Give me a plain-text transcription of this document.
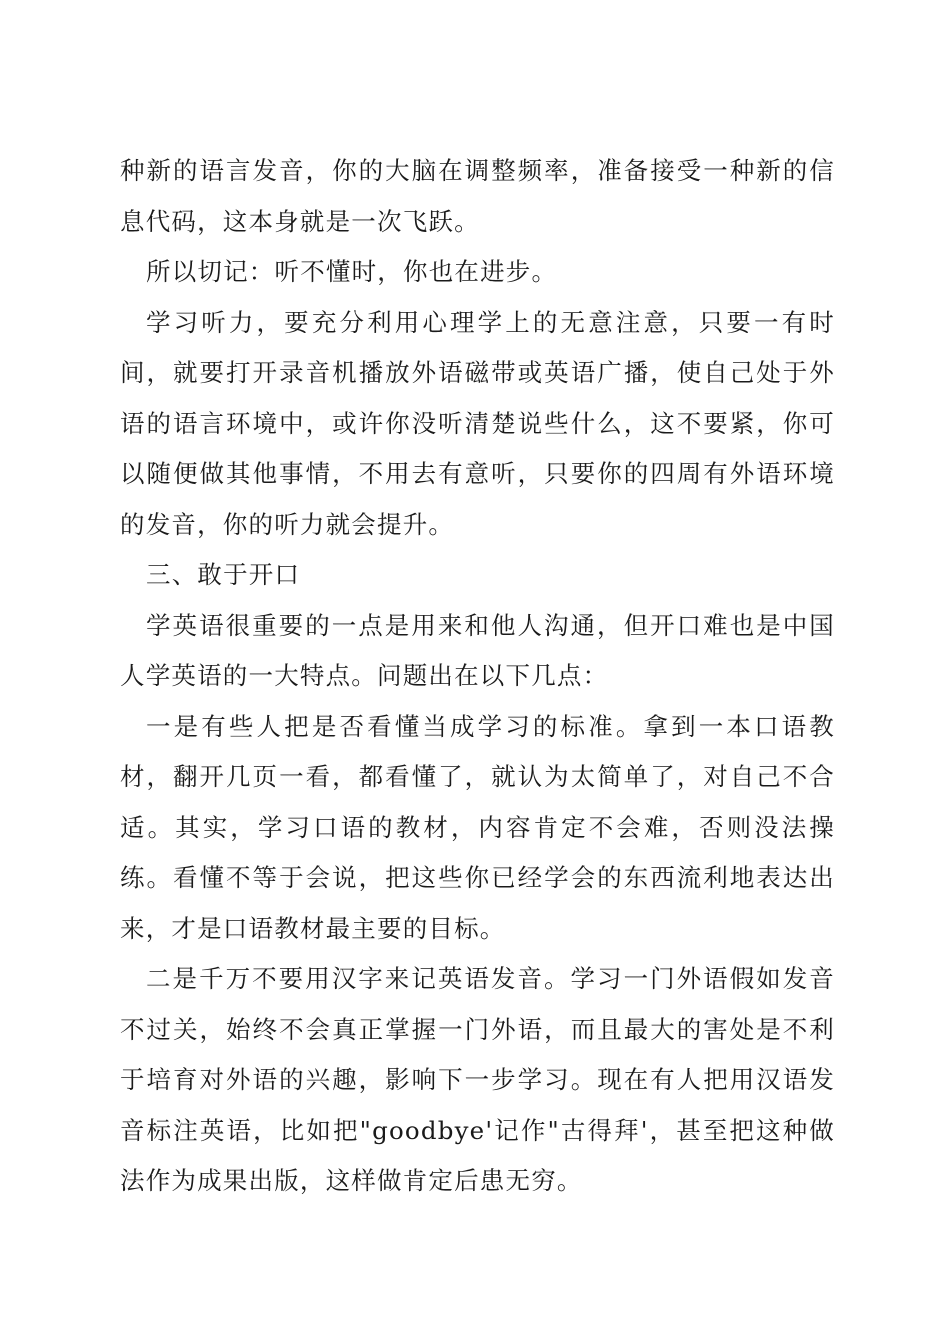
种新的语言发音，你的大脑在调整频率，准备接受一种新的信息代码，这本身就是一次飞跃。

所以切记：听不懂时，你也在进步。

学习听力，要充分利用心理学上的无意注意，只要一有时间，就要打开录音机播放外语磁带或英语广播，使自己处于外语的语言环境中，或许你没听清楚说些什么，这不要紧，你可以随便做其他事情，不用去有意听，只要你的四周有外语环境的发音，你的听力就会提升。

三、敢于开口

学英语很重要的一点是用来和他人沟通，但开口难也是中国人学英语的一大特点。问题出在以下几点：

一是有些人把是否看懂当成学习的标准。拿到一本口语教材，翻开几页一看，都看懂了，就认为太简单了，对自己不合适。其实，学习口语的教材，内容肯定不会难，否则没法操练。看懂不等于会说，把这些你已经学会的东西流利地表达出来，才是口语教材最主要的目标。

二是千万不要用汉字来记英语发音。学习一门外语假如发音不过关，始终不会真正掌握一门外语，而且最大的害处是不利于培育对外语的兴趣，影响下一步学习。现在有人把用汉语发音标注英语，比如把"goodbye'记作"古得拜'，甚至把这种做法作为成果出版，这样做肯定后患无穷。
